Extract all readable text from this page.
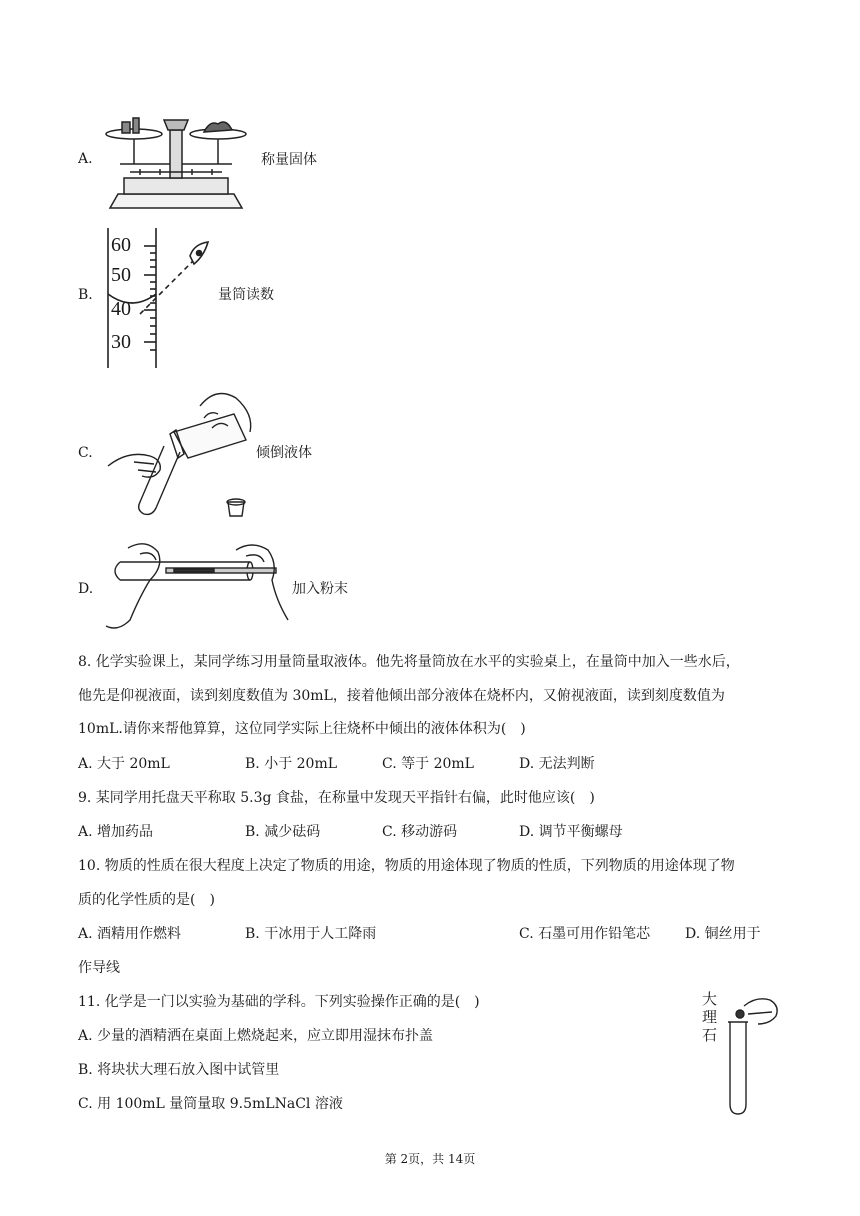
A.	称量固体
B.
60
50
40
30
量筒读数
C.	倾倒液体
D.	加入粉末
8. 化学实验课上，某同学练习用量筒量取液体。他先将量筒放在水平的实验桌上，在量筒中加入一些水后，
他先是仰视液面，读到刻度数值为 30mL，接着他倾出部分液体在烧杯内，又俯视液面，读到刻度数值为
10mL.请你来帮他算算，这位同学实际上往烧杯中倾出的液体体积为(　)
A. 大于 20mL	B. 小于 20mL	C. 等于 20mL	D. 无法判断
9. 某同学用托盘天平称取 5.3g 食盐，在称量中发现天平指针右偏，此时他应该(　)
A. 增加药品	B. 减少砝码	C. 移动游码	D. 调节平衡螺母
10. 物质的性质在很大程度上决定了物质的用途，物质的用途体现了物质的性质，下列物质的用途体现了物
质的化学性质的是(　)
A. 酒精用作燃料	B. 干冰用于人工降雨	C. 石墨可用作铅笔芯 D. 铜丝用于
作导线
11. 化学是一门以实验为基础的学科。下列实验操作正确的是(　)
A. 少量的酒精洒在桌面上燃烧起来，应立即用湿抹布扑盖
B. 将块状大理石放入图中试管里
C. 用 100mL 量筒量取 9.5mLNaCl 溶液
大
理
石
第 2页，共 14页
